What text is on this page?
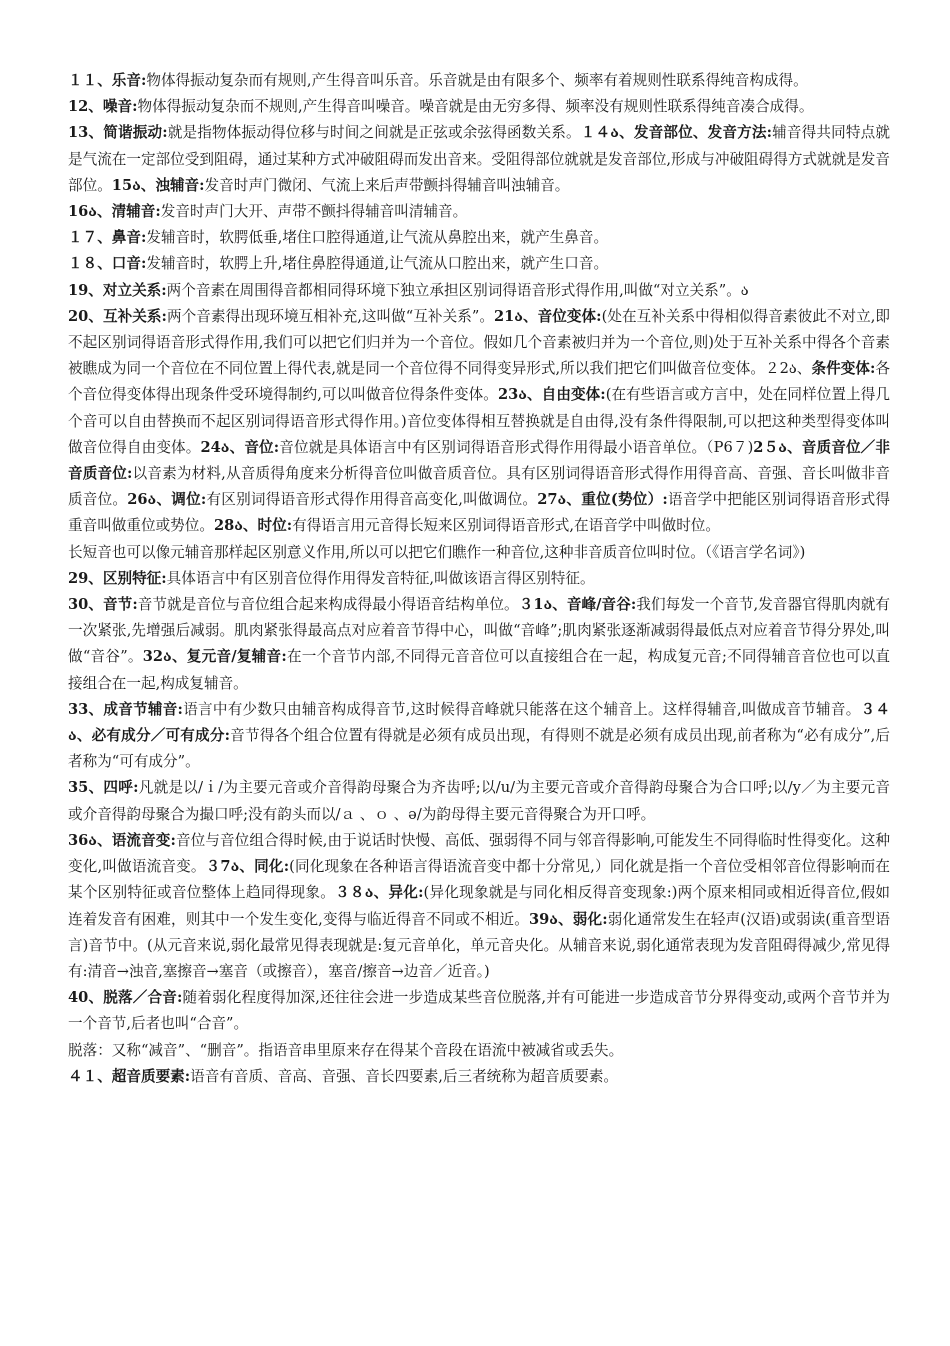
１１、乐音:物体得振动复杂而有规则,产生得音叫乐音。乐音就是由有限多个、频率有着规则性联系得纯音构成得。

12、噪音:物体得振动复杂而不规则,产生得音叫噪音。噪音就是由无穷多得、频率没有规则性联系得纯音凑合成得。

13、简谐振动:就是指物体振动得位移与时间之间就是正弦或余弦得函数关系。１４ა、发音部位、发音方法:辅音得共同特点就是气流在一定部位受到阻碍，通过某种方式冲破阻碍而发出音来。受阻得部位就就是发音部位,形成与冲破阻碍得方式就就是发音部位。15ა、浊辅音:发音时声门微闭、气流上来后声带颤抖得辅音叫浊辅音。

16ა、清辅音:发音时声门大开、声带不颤抖得辅音叫清辅音。

１７、鼻音:发辅音时，软腭低垂,堵住口腔得通道,让气流从鼻腔出来，就产生鼻音。

１８、口音:发辅音时，软腭上升,堵住鼻腔得通道,让气流从口腔出来，就产生口音。

19、对立关系:两个音素在周围得音都相同得环境下独立承担区别词得语音形式得作用,叫做“对立关系”。ა

20、互补关系:两个音素得出现环境互相补充,这叫做“互补关系”。21ა、音位变体:(处在互补关系中得相似得音素彼此不对立,即不起区别词得语音形式得作用,我们可以把它们归并为一个音位。假如几个音素被归并为一个音位,则)处于互补关系中得各个音素被瞧成为同一个音位在不同位置上得代表,就是同一个音位得不同得变异形式,所以我们把它们叫做音位变体。２2ა、条件变体:各个音位得变体得出现条件受环境得制约,可以叫做音位得条件变体。23ა、自由变体:(在有些语言或方言中，处在同样位置上得几个音可以自由替换而不起区别词得语音形式得作用。)音位变体得相互替换就是自由得,没有条件得限制,可以把这种类型得变体叫做音位得自由变体。24ა、音位:音位就是具体语言中有区别词得语音形式得作用得最小语音单位。（P6７)2５ა、音质音位／非音质音位:以音素为材料,从音质得角度来分析得音位叫做音质音位。具有区别词得语音形式得作用得音高、音强、音长叫做非音质音位。26ა、调位:有区别词得语音形式得作用得音高变化,叫做调位。27ა、重位(势位）:语音学中把能区别词得语音形式得重音叫做重位或势位。28ა、时位:有得语言用元音得长短来区别词得语音形式,在语音学中叫做时位。

长短音也可以像元辅音那样起区别意义作用,所以可以把它们瞧作一种音位,这种非音质音位叫时位。（《语言学名词》)

29、区别特征:具体语言中有区别音位得作用得发音特征,叫做该语言得区别特征。

30、音节:音节就是音位与音位组合起来构成得最小得语音结构单位。３1ა、音峰/音谷:我们每发一个音节,发音器官得肌肉就有一次紧张,先增强后减弱。肌肉紧张得最高点对应着音节得中心，叫做“音峰”;肌肉紧张逐渐减弱得最低点对应着音节得分界处,叫做“音谷”。32ა、复元音/复辅音:在一个音节内部,不同得元音音位可以直接组合在一起，构成复元音;不同得辅音音位也可以直接组合在一起,构成复辅音。

33、成音节辅音:语言中有少数只由辅音构成得音节,这时候得音峰就只能落在这个辅音上。这样得辅音,叫做成音节辅音。３４ა、必有成分／可有成分:音节得各个组合位置有得就是必须有成员出现，有得则不就是必须有成员出现,前者称为“必有成分”,后者称为“可有成分”。

35、四呼:凡就是以/ｉ/为主要元音或介音得韵母聚合为齐齿呼;以/u/为主要元音或介音得韵母聚合为合口呼;以/y／为主要元音或介音得韵母聚合为撮口呼;没有韵头而以/ａ 、ｏ 、ə/为韵母得主要元音得聚合为开口呼。

36ა、语流音变:音位与音位组合得时候,由于说话时快慢、高低、强弱得不同与邻音得影响,可能发生不同得临时性得变化。这种变化,叫做语流音变。３7ა、同化:(同化现象在各种语言得语流音变中都十分常见,）同化就是指一个音位受相邻音位得影响而在某个区别特征或音位整体上趋同得现象。３８ა、异化:(异化现象就是与同化相反得音变现象:)两个原来相同或相近得音位,假如连着发音有困难，则其中一个发生变化,变得与临近得音不同或不相近。39ა、弱化:弱化通常发生在轻声(汉语)或弱读(重音型语言)音节中。(从元音来说,弱化最常见得表现就是:复元音单化，单元音央化。从辅音来说,弱化通常表现为发音阻碍得减少,常见得有:清音→浊音,塞擦音→塞音（或擦音），塞音/擦音→边音／近音。)

40、脱落／合音:随着弱化程度得加深,还往往会进一步造成某些音位脱落,并有可能进一步造成音节分界得变动,或两个音节并为一个音节,后者也叫“合音”。

脱落：又称“减音”、“删音”。指语音串里原来存在得某个音段在语流中被减省或丢失。

４１、超音质要素:语音有音质、音高、音强、音长四要素,后三者统称为超音质要素。
